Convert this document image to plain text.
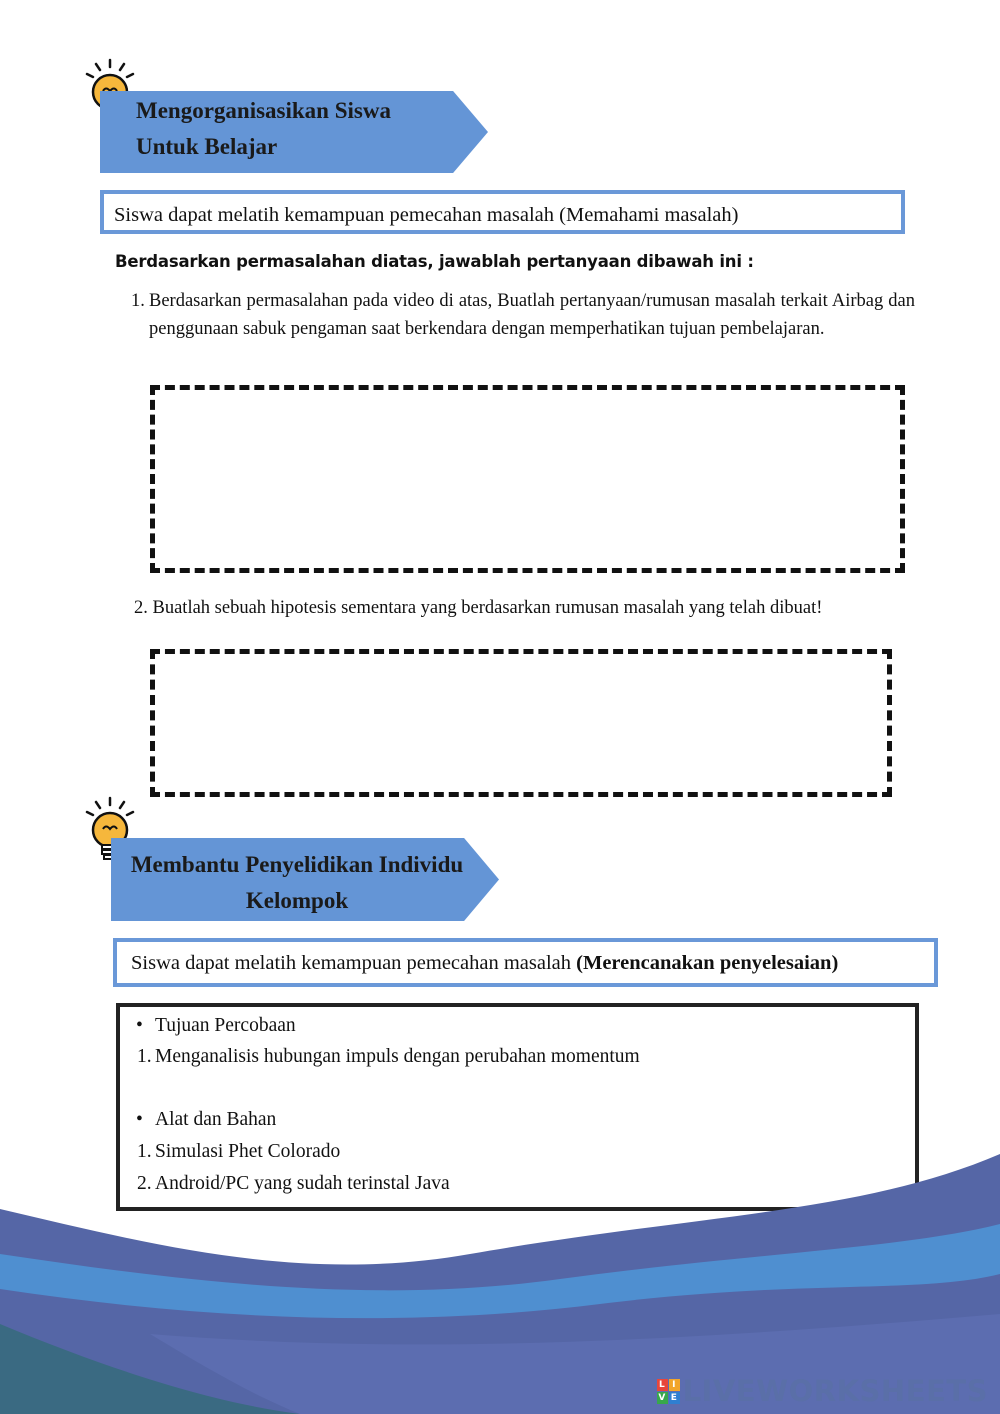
Mengorganisasikan Siswa
Untuk Belajar
Siswa dapat melatih kemampuan pemecahan masalah (Memahami masalah)
Berdasarkan permasalahan diatas, jawablah pertanyaan dibawah ini :
1. Berdasarkan permasalahan pada video di atas, Buatlah pertanyaan/rumusan masalah terkait Airbag dan penggunaan sabuk pengaman saat berkendara dengan memperhatikan tujuan pembelajaran.
2. Buatlah sebuah hipotesis sementara yang berdasarkan rumusan masalah yang telah dibuat!
Membantu Penyelidikan Individu
Kelompok
Siswa dapat melatih kemampuan pemecahan masalah (Merencanakan penyelesaian)
• Tujuan Percobaan
1. Menganalisis hubungan impuls dengan perubahan momentum
• Alat dan Bahan
1. Simulasi Phet Colorado
2. Android/PC yang sudah terinstal Java
L I
V E LIVEWORKSHEETS
